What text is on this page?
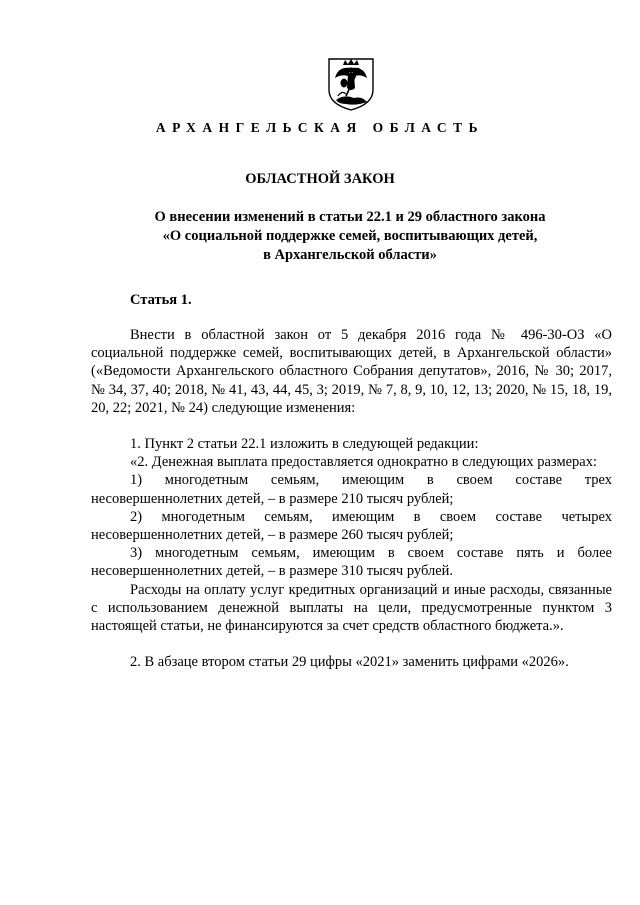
АРХАНГЕЛЬСКАЯ ОБЛАСТЬ
ОБЛАСТНОЙ ЗАКОН
О внесении изменений в статьи 22.1 и 29 областного закона
«О социальной поддержке семей, воспитывающих детей,
в Архангельской области»
Статья 1.

Внести в областной закон от 5 декабря 2016 года № 496-30-ОЗ «О социальной поддержке семей, воспитывающих детей, в Архангельской области» («Ведомости Архангельского областного Собрания депутатов», 2016, № 30; 2017, № 34, 37, 40; 2018, № 41, 43, 44, 45, 3; 2019, № 7, 8, 9, 10, 12, 13; 2020, № 15, 18, 19, 20, 22; 2021, № 24) следующие изменения:

1. Пункт 2 статьи 22.1 изложить в следующей редакции:

«2. Денежная выплата предоставляется однократно в следующих размерах:

1) многодетным семьям, имеющим в своем составе трех несовершеннолетних детей, – в размере 210 тысяч рублей;

2) многодетным семьям, имеющим в своем составе четырех несовершеннолетних детей, – в размере 260 тысяч рублей;

3) многодетным семьям, имеющим в своем составе пять и более несовершеннолетних детей, – в размере 310 тысяч рублей.

Расходы на оплату услуг кредитных организаций и иные расходы, связанные с использованием денежной выплаты на цели, предусмотренные пунктом 3 настоящей статьи, не финансируются за счет средств областного бюджета.».

2. В абзаце втором статьи 29 цифры «2021» заменить цифрами «2026».
